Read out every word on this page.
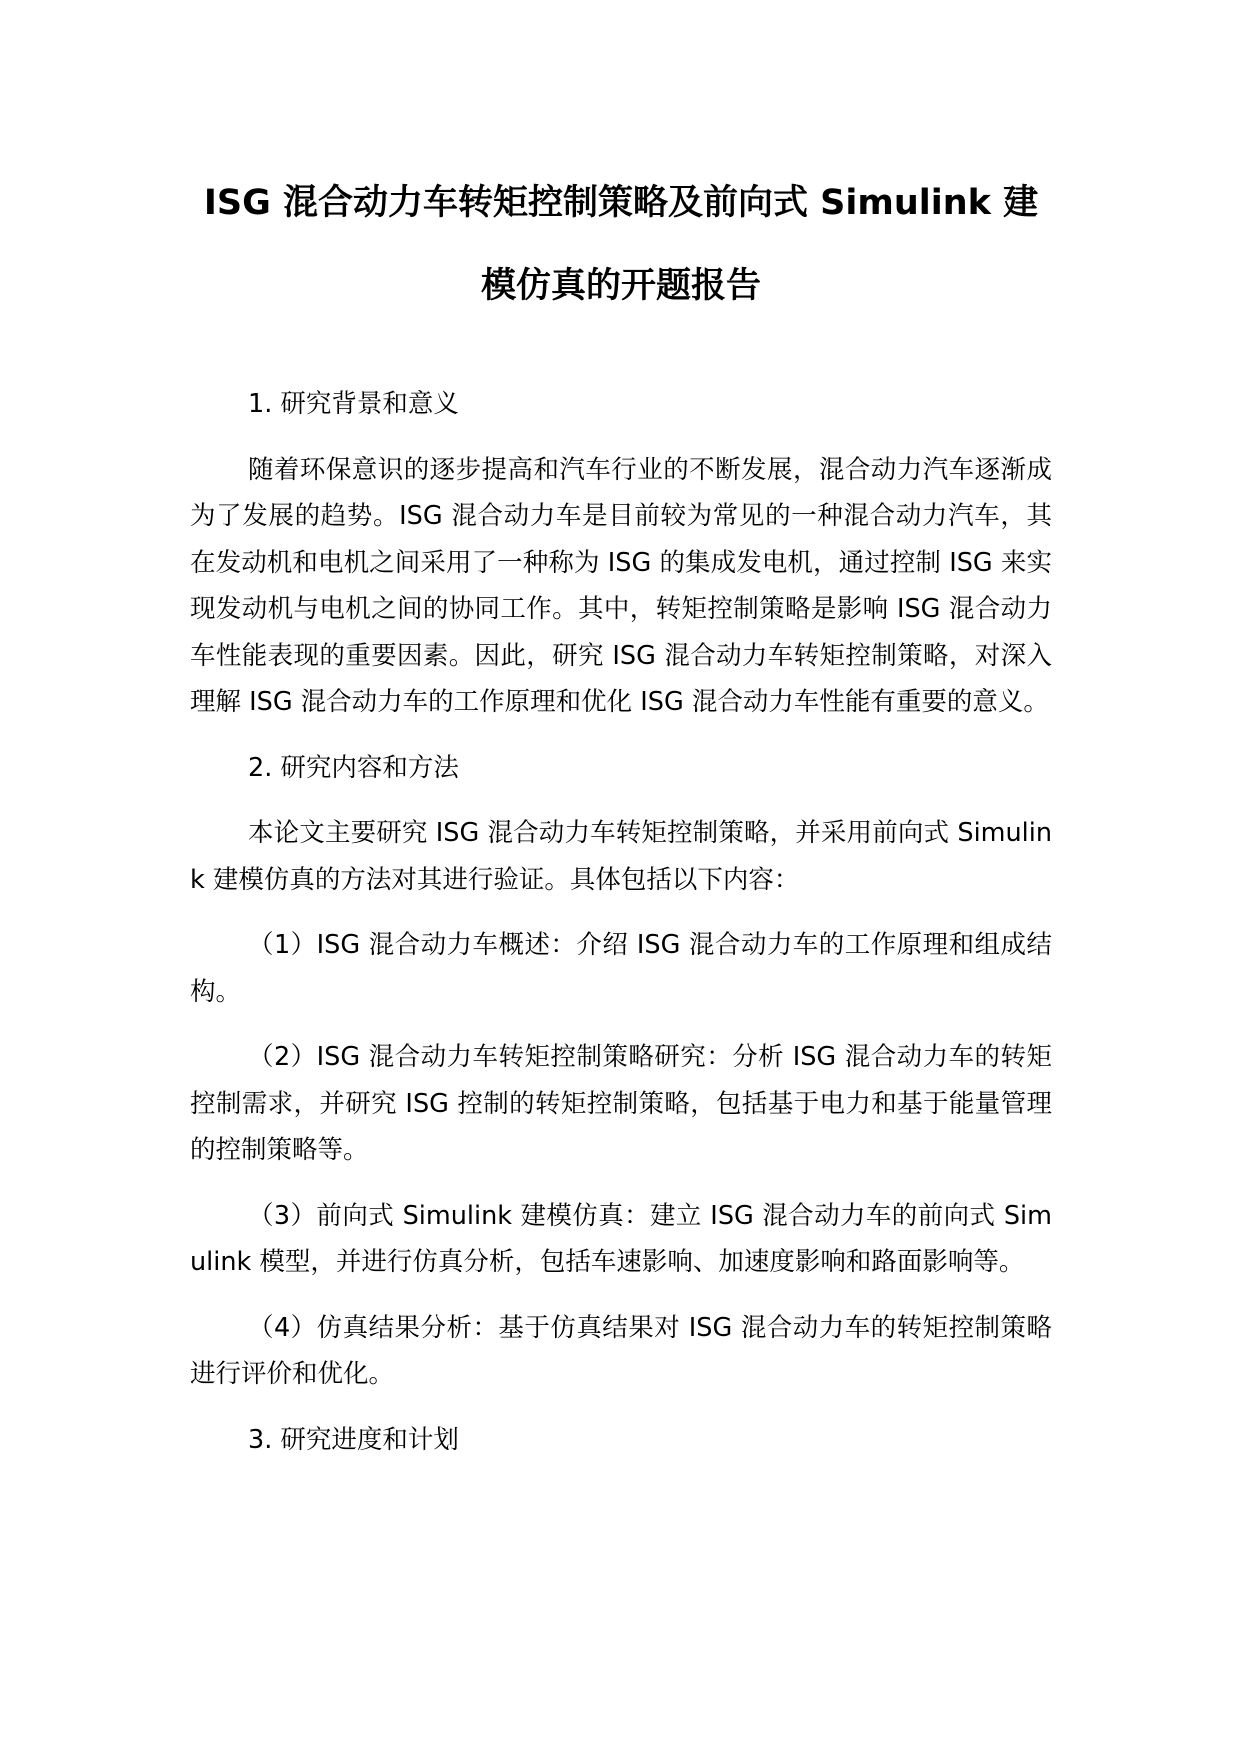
ISG 混合动力车转矩控制策略及前向式 Simulink 建
模仿真的开题报告

1. 研究背景和意义

随着环保意识的逐步提高和汽车行业的不断发展，混合动力汽车逐渐成为了发展的趋势。ISG 混合动力车是目前较为常见的一种混合动力汽车，其在发动机和电机之间采用了一种称为 ISG 的集成发电机，通过控制 ISG 来实现发动机与电机之间的协同工作。其中，转矩控制策略是影响 ISG 混合动力车性能表现的重要因素。因此，研究 ISG 混合动力车转矩控制策略，对深入理解 ISG 混合动力车的工作原理和优化 ISG 混合动力车性能有重要的意义。

2. 研究内容和方法

本论文主要研究 ISG 混合动力车转矩控制策略，并采用前向式 Simulink 建模仿真的方法对其进行验证。具体包括以下内容：

（1）ISG 混合动力车概述：介绍 ISG 混合动力车的工作原理和组成结构。

（2）ISG 混合动力车转矩控制策略研究：分析 ISG 混合动力车的转矩控制需求，并研究 ISG 控制的转矩控制策略，包括基于电力和基于能量管理的控制策略等。

（3）前向式 Simulink 建模仿真：建立 ISG 混合动力车的前向式 Simulink 模型，并进行仿真分析，包括车速影响、加速度影响和路面影响等。

（4）仿真结果分析：基于仿真结果对 ISG 混合动力车的转矩控制策略进行评价和优化。

3. 研究进度和计划
